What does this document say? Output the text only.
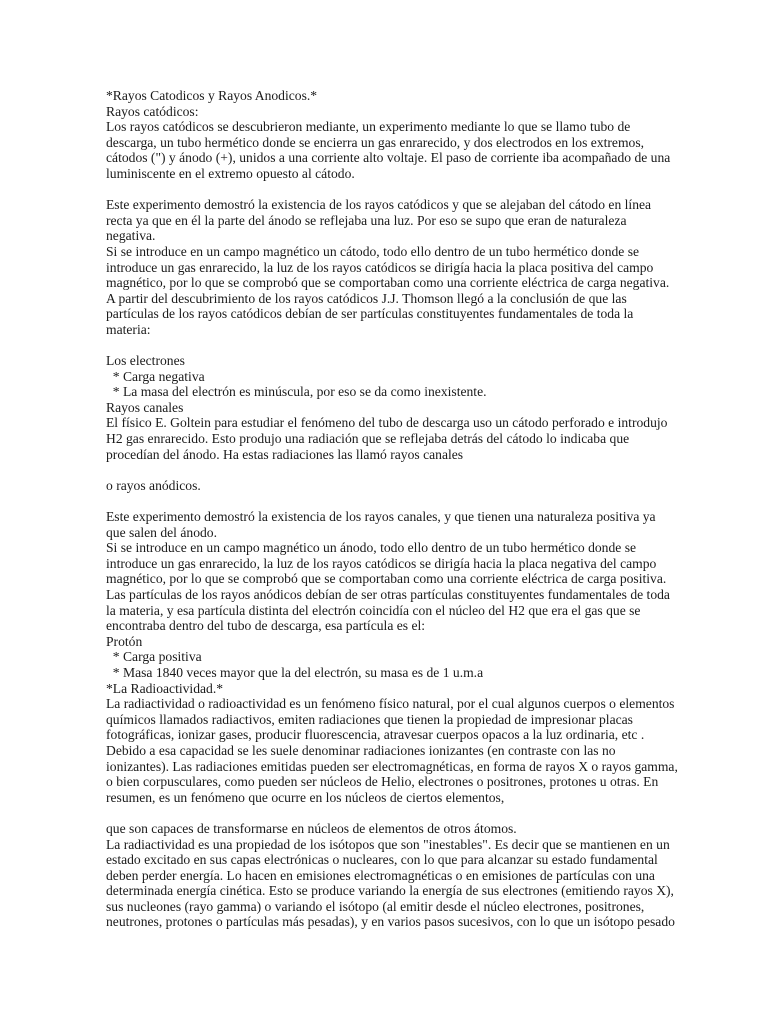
*Rayos Catodicos y Rayos Anodicos.*
Rayos catódicos:
Los rayos catódicos se descubrieron mediante, un experimento mediante lo que se llamo tubo de
descarga, un tubo hermético donde se encierra un gas enrarecido, y dos electrodos en los extremos,
cátodos (") y ánodo (+), unidos a una corriente alto voltaje. El paso de corriente iba acompañado de una
luminiscente en el extremo opuesto al cátodo.
Este experimento demostró la existencia de los rayos catódicos y que se alejaban del cátodo en línea
recta ya que en él la parte del ánodo se reflejaba una luz. Por eso se supo que eran de naturaleza
negativa.
Si se introduce en un campo magnético un cátodo, todo ello dentro de un tubo hermético donde se
introduce un gas enrarecido, la luz de los rayos catódicos se dirigía hacia la placa positiva del campo
magnético, por lo que se comprobó que se comportaban como una corriente eléctrica de carga negativa.
A partir del descubrimiento de los rayos catódicos J.J. Thomson llegó a la conclusión de que las
partículas de los rayos catódicos debían de ser partículas constituyentes fundamentales de toda la
materia:
Los electrones
* Carga negativa
* La masa del electrón es minúscula, por eso se da como inexistente.
Rayos canales
El físico E. Goltein para estudiar el fenómeno del tubo de descarga uso un cátodo perforado e introdujo
H2 gas enrarecido. Esto produjo una radiación que se reflejaba detrás del cátodo lo indicaba que
procedían del ánodo. Ha estas radiaciones las llamó rayos canales
o rayos anódicos.
Este experimento demostró la existencia de los rayos canales, y que tienen una naturaleza positiva ya
que salen del ánodo.
Si se introduce en un campo magnético un ánodo, todo ello dentro de un tubo hermético donde se
introduce un gas enrarecido, la luz de los rayos catódicos se dirigía hacia la placa negativa del campo
magnético, por lo que se comprobó que se comportaban como una corriente eléctrica de carga positiva.
Las partículas de los rayos anódicos debían de ser otras partículas constituyentes fundamentales de toda
la materia, y esa partícula distinta del electrón coincidía con el núcleo del H2 que era el gas que se
encontraba dentro del tubo de descarga, esa partícula es el:
Protón
* Carga positiva
* Masa 1840 veces mayor que la del electrón, su masa es de 1 u.m.a
*La Radioactividad.*
La radiactividad o radioactividad es un fenómeno físico natural, por el cual algunos cuerpos o elementos
químicos llamados radiactivos, emiten radiaciones que tienen la propiedad de impresionar placas
fotográficas, ionizar gases, producir fluorescencia, atravesar cuerpos opacos a la luz ordinaria, etc .
Debido a esa capacidad se les suele denominar radiaciones ionizantes (en contraste con las no
ionizantes). Las radiaciones emitidas pueden ser electromagnéticas, en forma de rayos X o rayos gamma,
o bien corpusculares, como pueden ser núcleos de Helio, electrones o positrones, protones u otras. En
resumen, es un fenómeno que ocurre en los núcleos de ciertos elementos,
que son capaces de transformarse en núcleos de elementos de otros átomos.
La radiactividad es una propiedad de los isótopos que son "inestables". Es decir que se mantienen en un
estado excitado en sus capas electrónicas o nucleares, con lo que para alcanzar su estado fundamental
deben perder energía. Lo hacen en emisiones electromagnéticas o en emisiones de partículas con una
determinada energía cinética. Esto se produce variando la energía de sus electrones (emitiendo rayos X),
sus nucleones (rayo gamma) o variando el isótopo (al emitir desde el núcleo electrones, positrones,
neutrones, protones o partículas más pesadas), y en varios pasos sucesivos, con lo que un isótopo pesado
